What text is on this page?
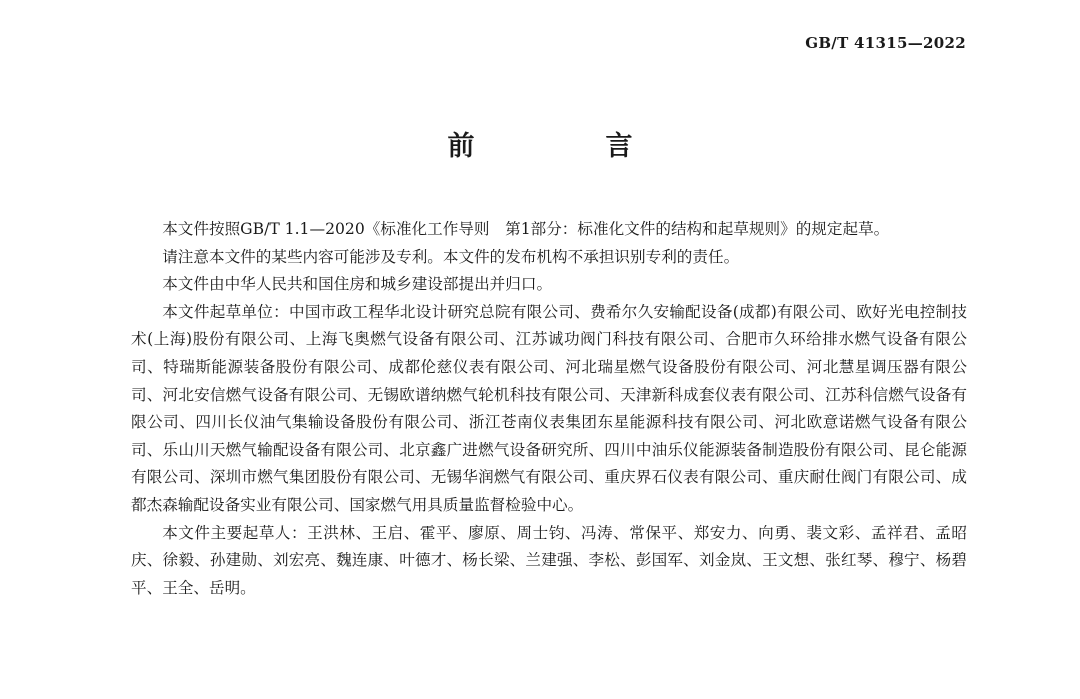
GB/T 41315—2022
前　言

本文件按照GB/T 1.1—2020《标准化工作导则　第1部分：标准化文件的结构和起草规则》的规定起草。

请注意本文件的某些内容可能涉及专利。本文件的发布机构不承担识别专利的责任。

本文件由中华人民共和国住房和城乡建设部提出并归口。

本文件起草单位：中国市政工程华北设计研究总院有限公司、费希尔久安输配设备(成都)有限公司、欧好光电控制技术(上海)股份有限公司、上海飞奥燃气设备有限公司、江苏诚功阀门科技有限公司、合肥市久环给排水燃气设备有限公司、特瑞斯能源装备股份有限公司、成都伦慈仪表有限公司、河北瑞星燃气设备股份有限公司、河北慧星调压器有限公司、河北安信燃气设备有限公司、无锡欧谱纳燃气轮机科技有限公司、天津新科成套仪表有限公司、江苏科信燃气设备有限公司、四川长仪油气集输设备股份有限公司、浙江苍南仪表集团东星能源科技有限公司、河北欧意诺燃气设备有限公司、乐山川天燃气输配设备有限公司、北京鑫广进燃气设备研究所、四川中油乐仪能源装备制造股份有限公司、昆仑能源有限公司、深圳市燃气集团股份有限公司、无锡华润燃气有限公司、重庆界石仪表有限公司、重庆耐仕阀门有限公司、成都杰森输配设备实业有限公司、国家燃气用具质量监督检验中心。

本文件主要起草人：王洪林、王启、霍平、廖原、周士钧、冯涛、常保平、郑安力、向勇、裴文彩、孟祥君、孟昭庆、徐毅、孙建勋、刘宏亮、魏连康、叶德才、杨长梁、兰建强、李松、彭国军、刘金岚、王文想、张红琴、穆宁、杨碧平、王全、岳明。
